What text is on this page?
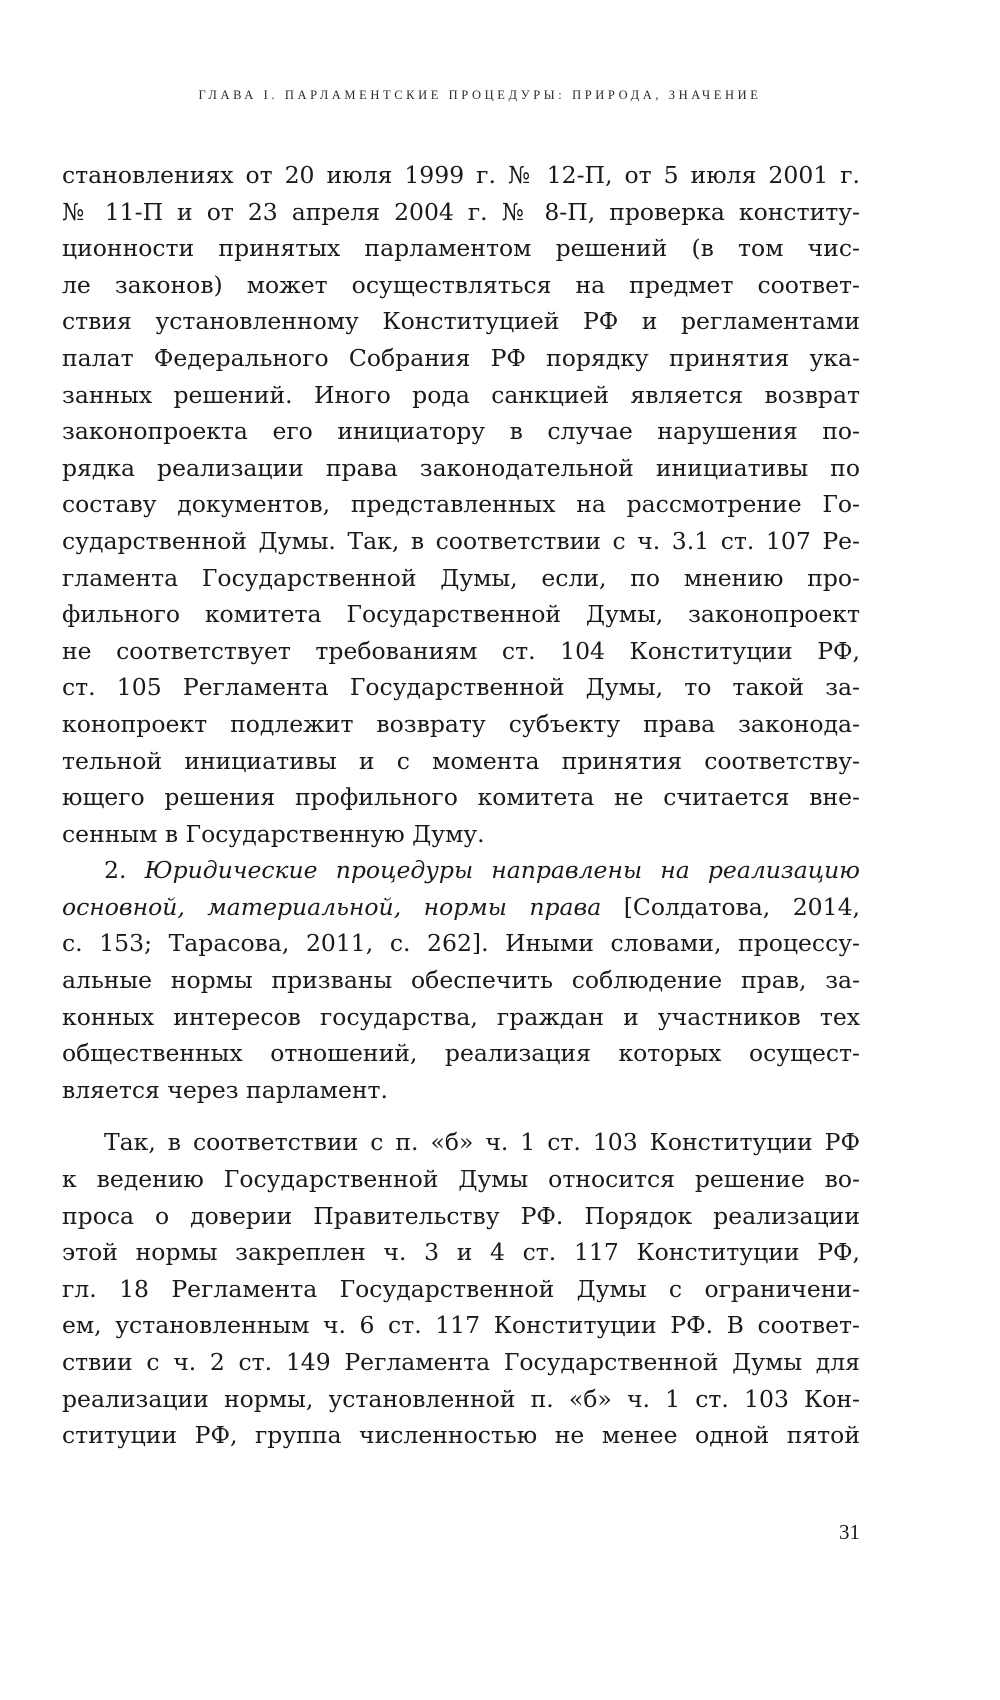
ГЛАВА I. ПАРЛАМЕНТСКИЕ ПРОЦЕДУРЫ: ПРИРОДА, ЗНАЧЕНИЕ
становлениях от 20 июля 1999 г. № 12-П, от 5 июля 2001 г.
№ 11-П и от 23 апреля 2004 г. № 8-П, проверка конститу-
ционности принятых парламентом решений (в том чис-
ле законов) может осуществляться на предмет соответ-
ствия установленному Конституцией РФ и регламентами
палат Федерального Собрания РФ порядку принятия ука-
занных решений. Иного рода санкцией является возврат
законопроекта его инициатору в случае нарушения по-
рядка реализации права законодательной инициативы по
составу документов, представленных на рассмотрение Го-
сударственной Думы. Так, в соответствии с ч. 3.1 ст. 107 Ре-
гламента Государственной Думы, если, по мнению про-
фильного комитета Государственной Думы, законопроект
не соответствует требованиям ст. 104 Конституции РФ,
ст. 105 Регламента Государственной Думы, то такой за-
конопроект подлежит возврату субъекту права законода-
тельной инициативы и с момента принятия соответству-
ющего решения профильного комитета не считается вне-
сенным в Государственную Думу.
2. Юридические процедуры направлены на реализацию
основной, материальной, нормы права [Солдатова, 2014,
с. 153; Тарасова, 2011, с. 262]. Иными словами, процессу-
альные нормы призваны обеспечить соблюдение прав, за-
конных интересов государства, граждан и участников тех
общественных отношений, реализация которых осущест-
вляется через парламент.
Так, в соответствии с п. «б» ч. 1 ст. 103 Конституции РФ
к ведению Государственной Думы относится решение во-
проса о доверии Правительству РФ. Порядок реализации
этой нормы закреплен ч. 3 и 4 ст. 117 Конституции РФ,
гл. 18 Регламента Государственной Думы с ограничени-
ем, установленным ч. 6 ст. 117 Конституции РФ. В соответ-
ствии с ч. 2 ст. 149 Регламента Государственной Думы для
реализации нормы, установленной п. «б» ч. 1 ст. 103 Кон-
ституции РФ, группа численностью не менее одной пятой
31
